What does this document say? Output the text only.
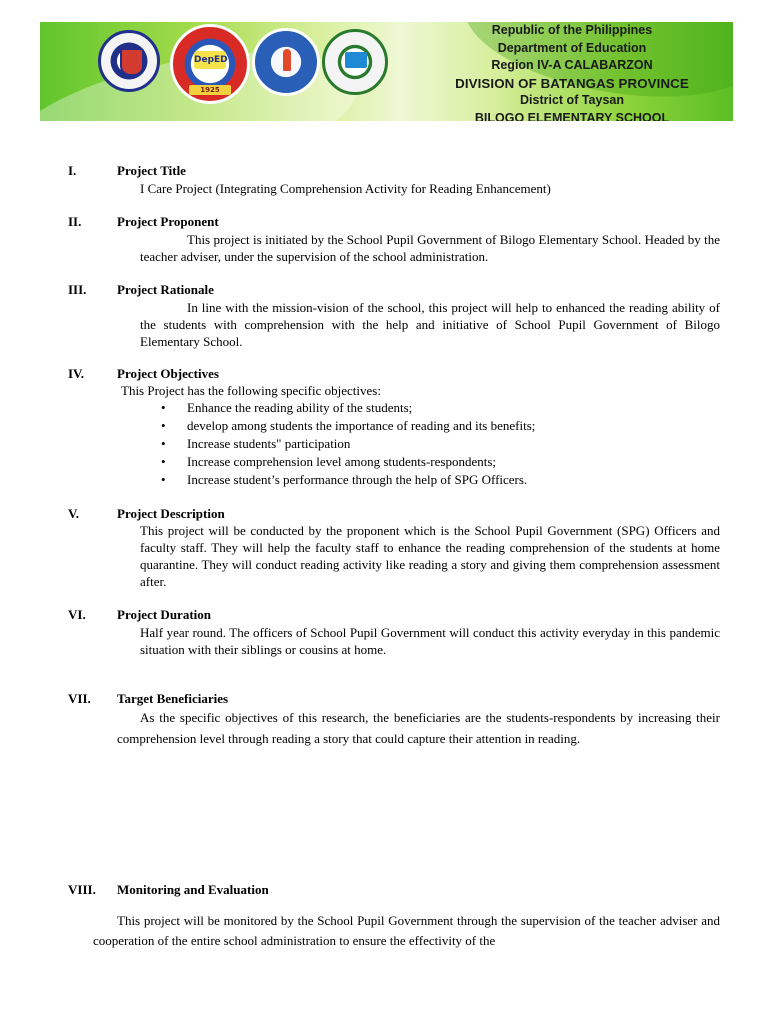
DepED
1925
Republic of the Philippines
Department of Education
Region IV-A CALABARZON
DIVISION OF BATANGAS PROVINCE
District of Taysan
BILOGO ELEMENTARY SCHOOL
I.	Project Title
I Care Project (Integrating Comprehension Activity for Reading Enhancement)
II.	Project Proponent
This project is initiated by the School Pupil Government of Bilogo Elementary School. Headed by the teacher adviser, under the supervision of the school administration.
III. Project Rationale
In line with the mission-vision of the school, this project will help to enhanced the reading ability of the students with comprehension with the help and initiative of School Pupil Government of Bilogo Elementary School.
IV.	Project Objectives
This Project has the following specific objectives:
• Enhance the reading ability of the students;
• develop among students the importance of reading and its benefits;
• Increase students" participation
• Increase comprehension level among students-respondents;
• Increase student’s performance through the help of SPG Officers.
V.	Project Description
This project will be conducted by the proponent which is the School Pupil Government (SPG) Officers and faculty staff. They will help the faculty staff to enhance the reading comprehension of the students at home quarantine. They will conduct reading activity like reading a story and giving them comprehension assessment after.
VI. Project Duration
Half year round. The officers of School Pupil Government will conduct this activity everyday in this pandemic situation with their siblings or cousins at home.
VII. Target Beneficiaries
As the specific objectives of this research, the beneficiaries are the students-respondents by increasing their comprehension level through reading a story that could capture their attention in reading.
VIII. Monitoring and Evaluation
This project will be monitored by the School Pupil Government through the supervision of the teacher adviser and cooperation of the entire school administration to ensure the effectivity of the
